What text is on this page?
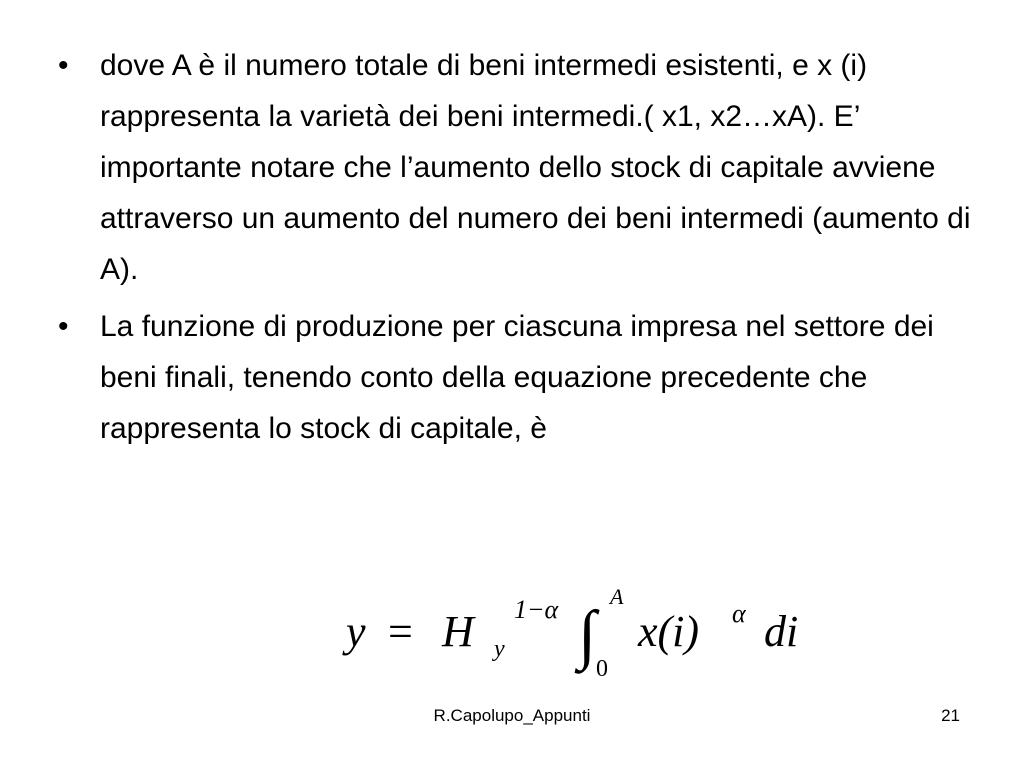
• dove A è il numero totale di beni intermedi esistenti, e x (i) rappresenta la varietà dei beni intermedi.( x1, x2…xA). E’ importante notare che l’aumento dello stock di capitale avviene attraverso un aumento del numero dei beni intermedi (aumento di A).
• La funzione di produzione per ciascuna impresa nel settore dei beni finali, tenendo conto della equazione precedente che rappresenta lo stock di capitale, è
y = H y
1−α ∫
A
0
x(i) α di
R.Capolupo_Appunti	21
